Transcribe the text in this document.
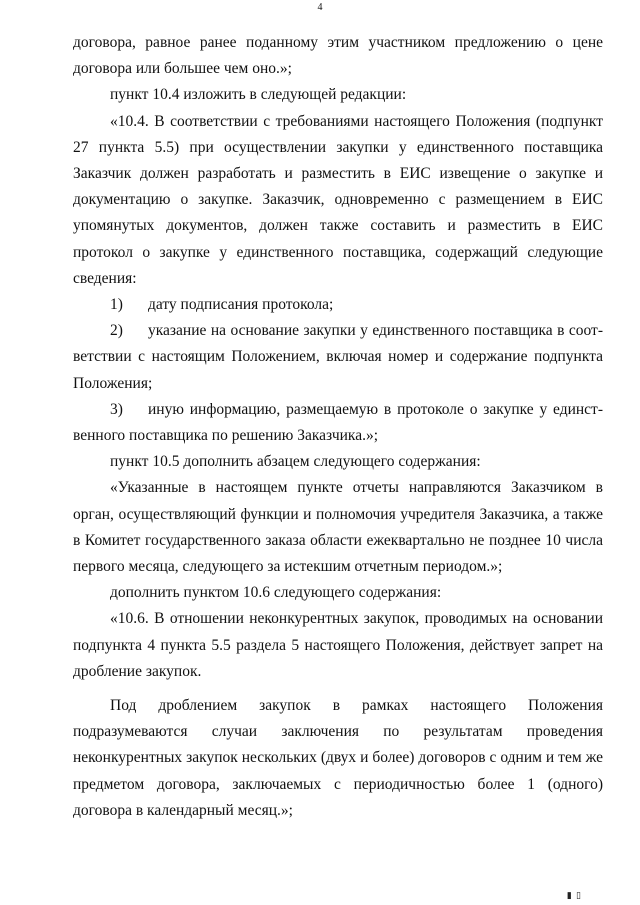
4

договора, равное ранее поданному этим участником предложению о цене договора или большее чем оно.»;

пункт 10.4 изложить в следующей редакции:

«10.4. В соответствии с требованиями настоящего Положения (подпункт 27 пункта 5.5) при осуществлении закупки у единственного поставщика Заказчик должен разработать и разместить в ЕИС извещение о закупке и документацию о закупке. Заказчик, одновременно с размещением в ЕИС упомянутых документов, должен также составить и разместить в ЕИС протокол о закупке у единственного поставщика, содержащий следующие сведения:

1) дату подписания протокола;

2) указание на основание закупки у единственного поставщика в соответствии с настоящим Положением, включая номер и содержание подпункта Положения;

3) иную информацию, размещаемую в протоколе о закупке у единственного поставщика по решению Заказчика.»;

пункт 10.5 дополнить абзацем следующего содержания:

«Указанные в настоящем пункте отчеты направляются Заказчиком в орган, осуществляющий функции и полномочия учредителя Заказчика, а также в Комитет государственного заказа области ежеквартально не позднее 10 числа первого месяца, следующего за истекшим отчетным периодом.»;

дополнить пунктом 10.6 следующего содержания:

«10.6. В отношении неконкурентных закупок, проводимых на основании подпункта 4 пункта 5.5 раздела 5 настоящего Положения, действует запрет на дробление закупок.

Под дроблением закупок в рамках настоящего Положения

подразумеваются случаи заключения по результатам проведения неконкурентных закупок нескольких (двух и более) договоров с одним и тем же предметом договора, заключаемых с периодичностью более 1 (одного) договора в календарный месяц.»;

▮ ▯
